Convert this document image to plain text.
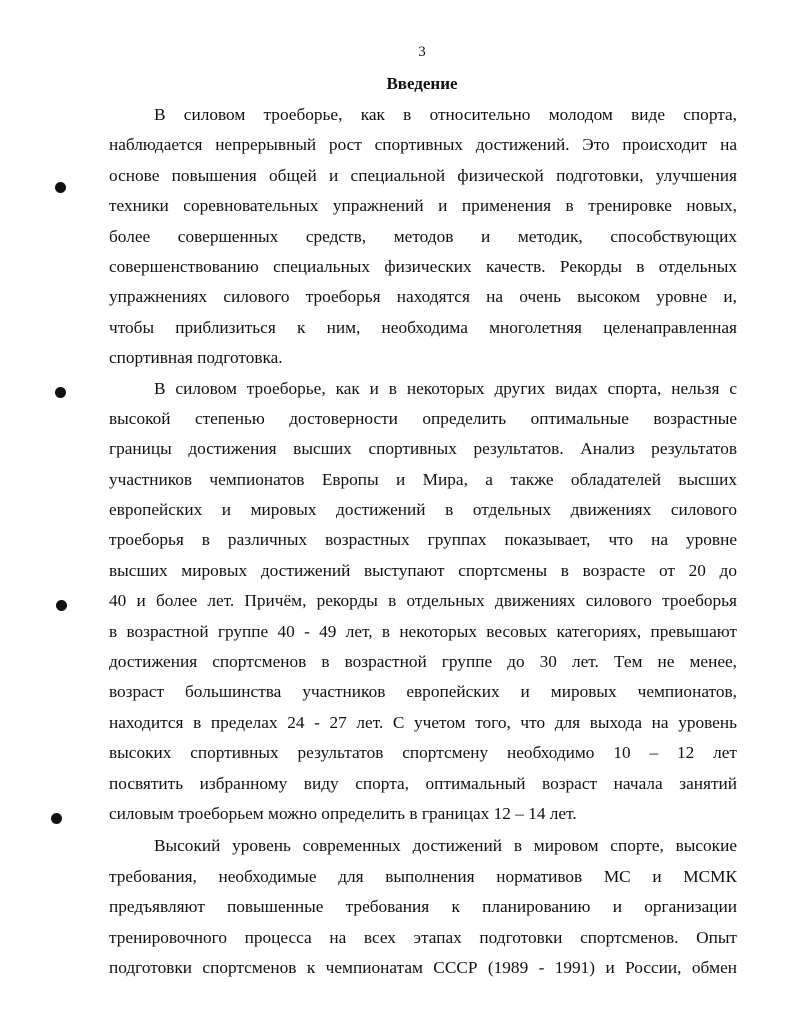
3
Введение
В силовом троеборье, как в относительно молодом виде спорта,
наблюдается непрерывный рост спортивных достижений. Это происходит на
основе повышения общей и специальной физической подготовки, улучшения
техники соревновательных упражнений и применения в тренировке новых,
более совершенных средств, методов и методик, способствующих
совершенствованию специальных физических качеств. Рекорды в отдельных
упражнениях силового троеборья находятся на очень высоком уровне и,
чтобы приблизиться к ним, необходима многолетняя целенаправленная
спортивная подготовка.
В силовом троеборье, как и в некоторых других видах спорта, нельзя с
высокой степенью достоверности определить оптимальные возрастные
границы достижения высших спортивных результатов. Анализ результатов
участников чемпионатов Европы и Мира, а также обладателей высших
европейских и мировых достижений в отдельных движениях силового
троеборья в различных возрастных группах показывает, что на уровне
высших мировых достижений выступают спортсмены в возрасте от 20 до
40 и более лет. Причём, рекорды в отдельных движениях силового троеборья
в возрастной группе 40 - 49 лет, в некоторых весовых категориях, превышают
достижения спортсменов в возрастной группе до 30 лет. Тем не менее,
возраст большинства участников европейских и мировых чемпионатов,
находится в пределах 24 - 27 лет. С учетом того, что для выхода на уровень
высоких спортивных результатов спортсмену необходимо 10 – 12 лет
посвятить избранному виду спорта, оптимальный возраст начала занятий
силовым троеборьем можно определить в границах 12 – 14 лет.
Высокий уровень современных достижений в мировом спорте, высокие
требования, необходимые для выполнения нормативов МС и МСМК
предъявляют повышенные требования к планированию и организации
тренировочного процесса на всех этапах подготовки спортсменов. Опыт
подготовки спортсменов к чемпионатам СССР (1989 - 1991) и России, обмен
